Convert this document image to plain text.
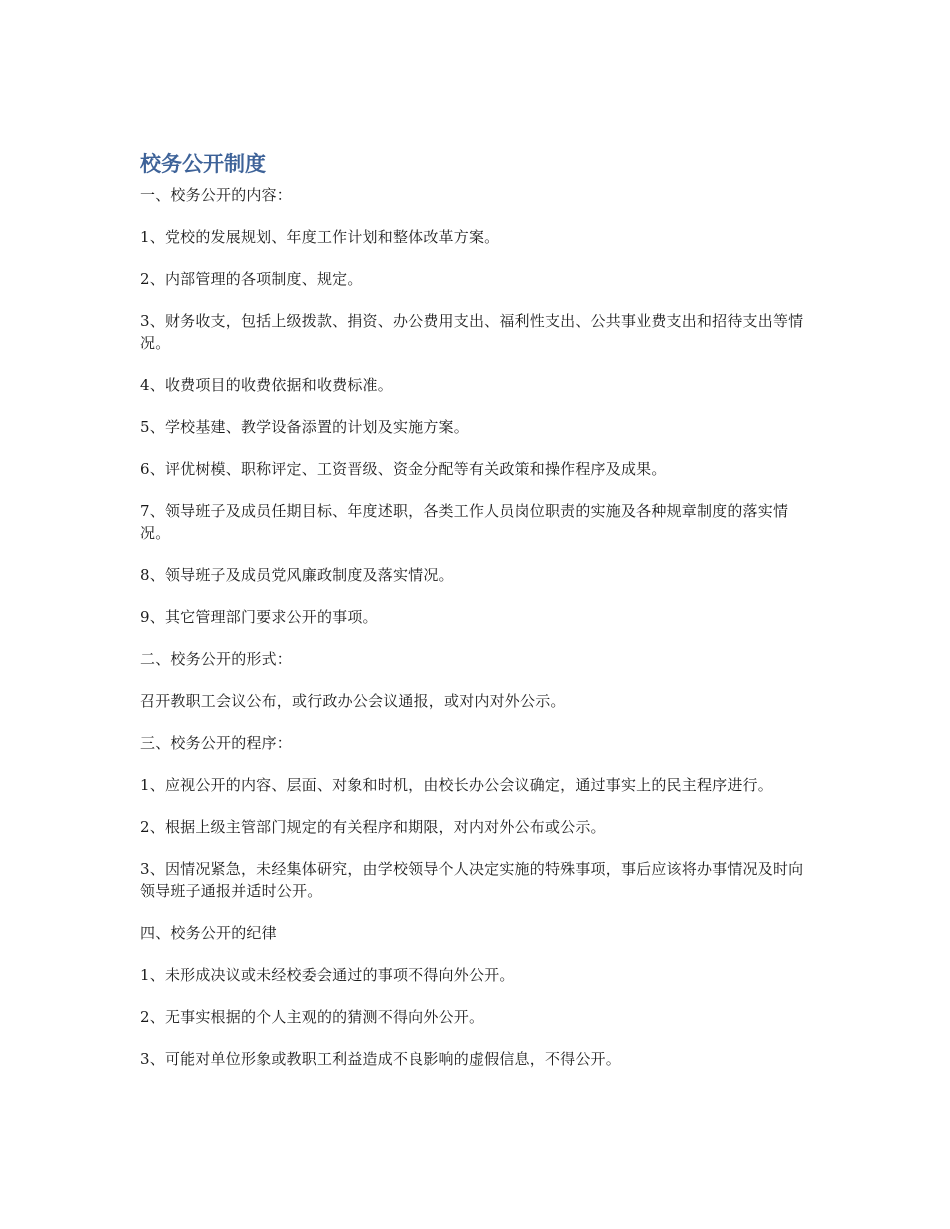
校务公开制度

一、校务公开的内容：

1、党校的发展规划、年度工作计划和整体改革方案。

2、内部管理的各项制度、规定。

3、财务收支，包括上级拨款、捐资、办公费用支出、福利性支出、公共事业费支出和招待支出等情况。

4、收费项目的收费依据和收费标准。

5、学校基建、教学设备添置的计划及实施方案。

6、评优树模、职称评定、工资晋级、资金分配等有关政策和操作程序及成果。

7、领导班子及成员任期目标、年度述职，各类工作人员岗位职责的实施及各种规章制度的落实情况。

8、领导班子及成员党风廉政制度及落实情况。

9、其它管理部门要求公开的事项。

二、校务公开的形式：

召开教职工会议公布，或行政办公会议通报，或对内对外公示。

三、校务公开的程序：

1、应视公开的内容、层面、对象和时机，由校长办公会议确定，通过事实上的民主程序进行。

2、根据上级主管部门规定的有关程序和期限，对内对外公布或公示。

3、因情况紧急，未经集体研究，由学校领导个人决定实施的特殊事项，事后应该将办事情况及时向领导班子通报并适时公开。

四、校务公开的纪律

1、未形成决议或未经校委会通过的事项不得向外公开。

2、无事实根据的个人主观的的猜测不得向外公开。

3、可能对单位形象或教职工利益造成不良影响的虚假信息，不得公开。
